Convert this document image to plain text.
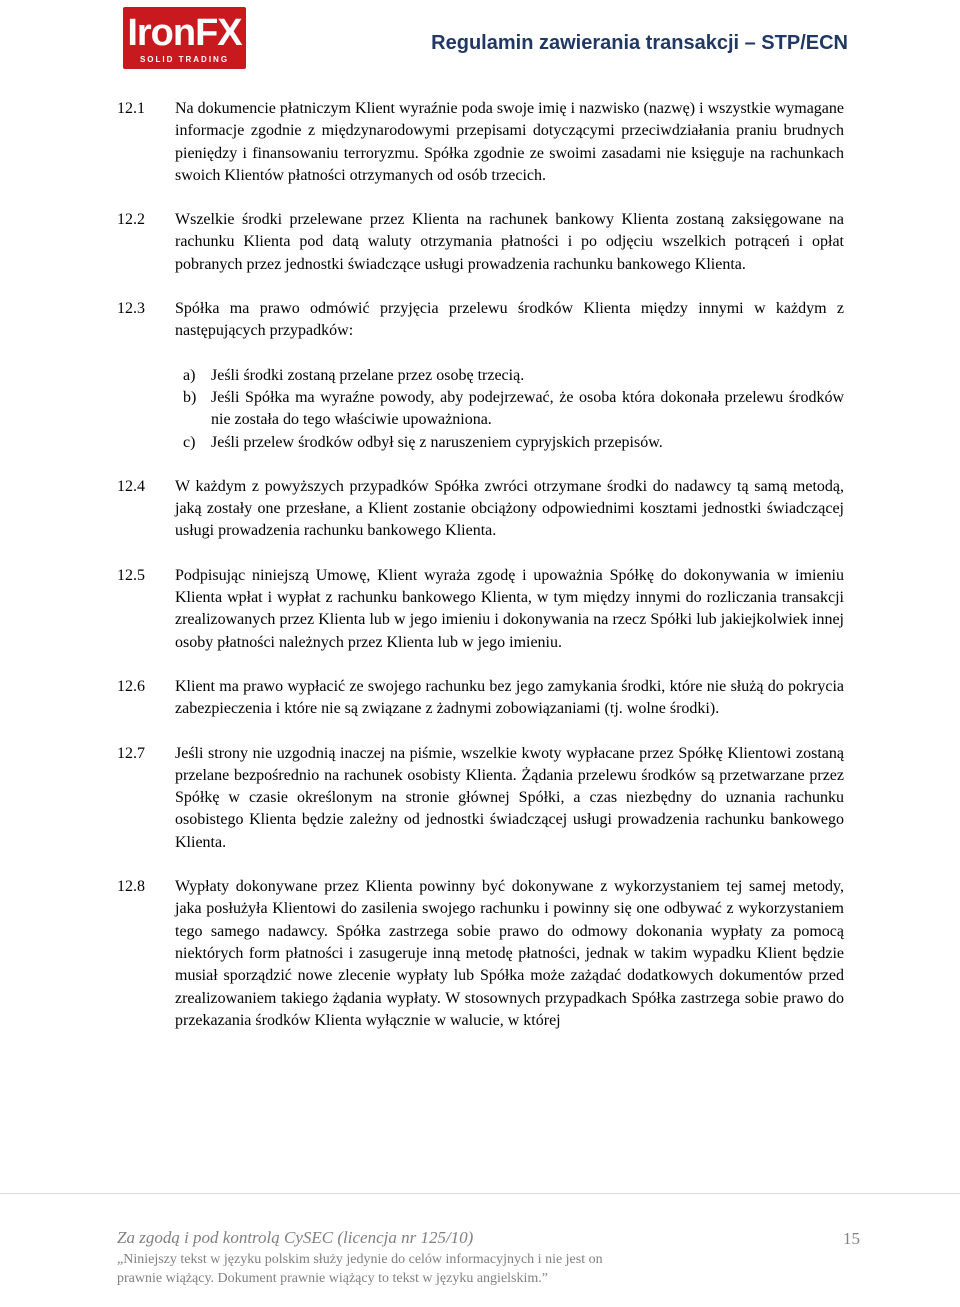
IronFX
SOLID TRADING
Regulamin zawierania transakcji – STP/ECN
12.1 Na dokumencie płatniczym Klient wyraźnie poda swoje imię i nazwisko (nazwę) i wszystkie wymagane informacje zgodnie z międzynarodowymi przepisami dotyczącymi przeciwdziałania praniu brudnych pieniędzy i finansowaniu terroryzmu. Spółka zgodnie ze swoimi zasadami nie księguje na rachunkach swoich Klientów płatności otrzymanych od osób trzecich.

12.2 Wszelkie środki przelewane przez Klienta na rachunek bankowy Klienta zostaną zaksięgowane na rachunku Klienta pod datą waluty otrzymania płatności i po odjęciu wszelkich potrąceń i opłat pobranych przez jednostki świadczące usługi prowadzenia rachunku bankowego Klienta.

12.3 Spółka ma prawo odmówić przyjęcia przelewu środków Klienta między innymi w każdym z następujących przypadków:

a) Jeśli środki zostaną przelane przez osobę trzecią.
b) Jeśli Spółka ma wyraźne powody, aby podejrzewać, że osoba która dokonała przelewu środków nie została do tego właściwie upoważniona.
c) Jeśli przelew środków odbył się z naruszeniem cypryjskich przepisów.
12.4 W każdym z powyższych przypadków Spółka zwróci otrzymane środki do nadawcy tą samą metodą, jaką zostały one przesłane, a Klient zostanie obciążony odpowiednimi kosztami jednostki świadczącej usługi prowadzenia rachunku bankowego Klienta.

12.5 Podpisując niniejszą Umowę, Klient wyraża zgodę i upoważnia Spółkę do dokonywania w imieniu Klienta wpłat i wypłat z rachunku bankowego Klienta, w tym między innymi do rozliczania transakcji zrealizowanych przez Klienta lub w jego imieniu i dokonywania na rzecz Spółki lub jakiejkolwiek innej osoby płatności należnych przez Klienta lub w jego imieniu.

12.6 Klient ma prawo wypłacić ze swojego rachunku bez jego zamykania środki, które nie służą do pokrycia zabezpieczenia i które nie są związane z żadnymi zobowiązaniami (tj. wolne środki).

12.7 Jeśli strony nie uzgodnią inaczej na piśmie, wszelkie kwoty wypłacane przez Spółkę Klientowi zostaną przelane bezpośrednio na rachunek osobisty Klienta. Żądania przelewu środków są przetwarzane przez Spółkę w czasie określonym na stronie głównej Spółki, a czas niezbędny do uznania rachunku osobistego Klienta będzie zależny od jednostki świadczącej usługi prowadzenia rachunku bankowego Klienta.

12.8 Wypłaty dokonywane przez Klienta powinny być dokonywane z wykorzystaniem tej samej metody, jaka posłużyła Klientowi do zasilenia swojego rachunku i powinny się one odbywać z wykorzystaniem tego samego nadawcy. Spółka zastrzega sobie prawo do odmowy dokonania wypłaty za pomocą niektórych form płatności i zasugeruje inną metodę płatności, jednak w takim wypadku Klient będzie musiał sporządzić nowe zlecenie wypłaty lub Spółka może zażądać dodatkowych dokumentów przed zrealizowaniem takiego żądania wypłaty. W stosownych przypadkach Spółka zastrzega sobie prawo do przekazania środków Klienta wyłącznie w walucie, w której

Za zgodą i pod kontrolą CySEC (licencja nr 125/10)	15
„Niniejszy tekst w języku polskim służy jedynie do celów informacyjnych i nie jest on prawnie wiążący. Dokument prawnie wiążący to tekst w języku angielskim.”
